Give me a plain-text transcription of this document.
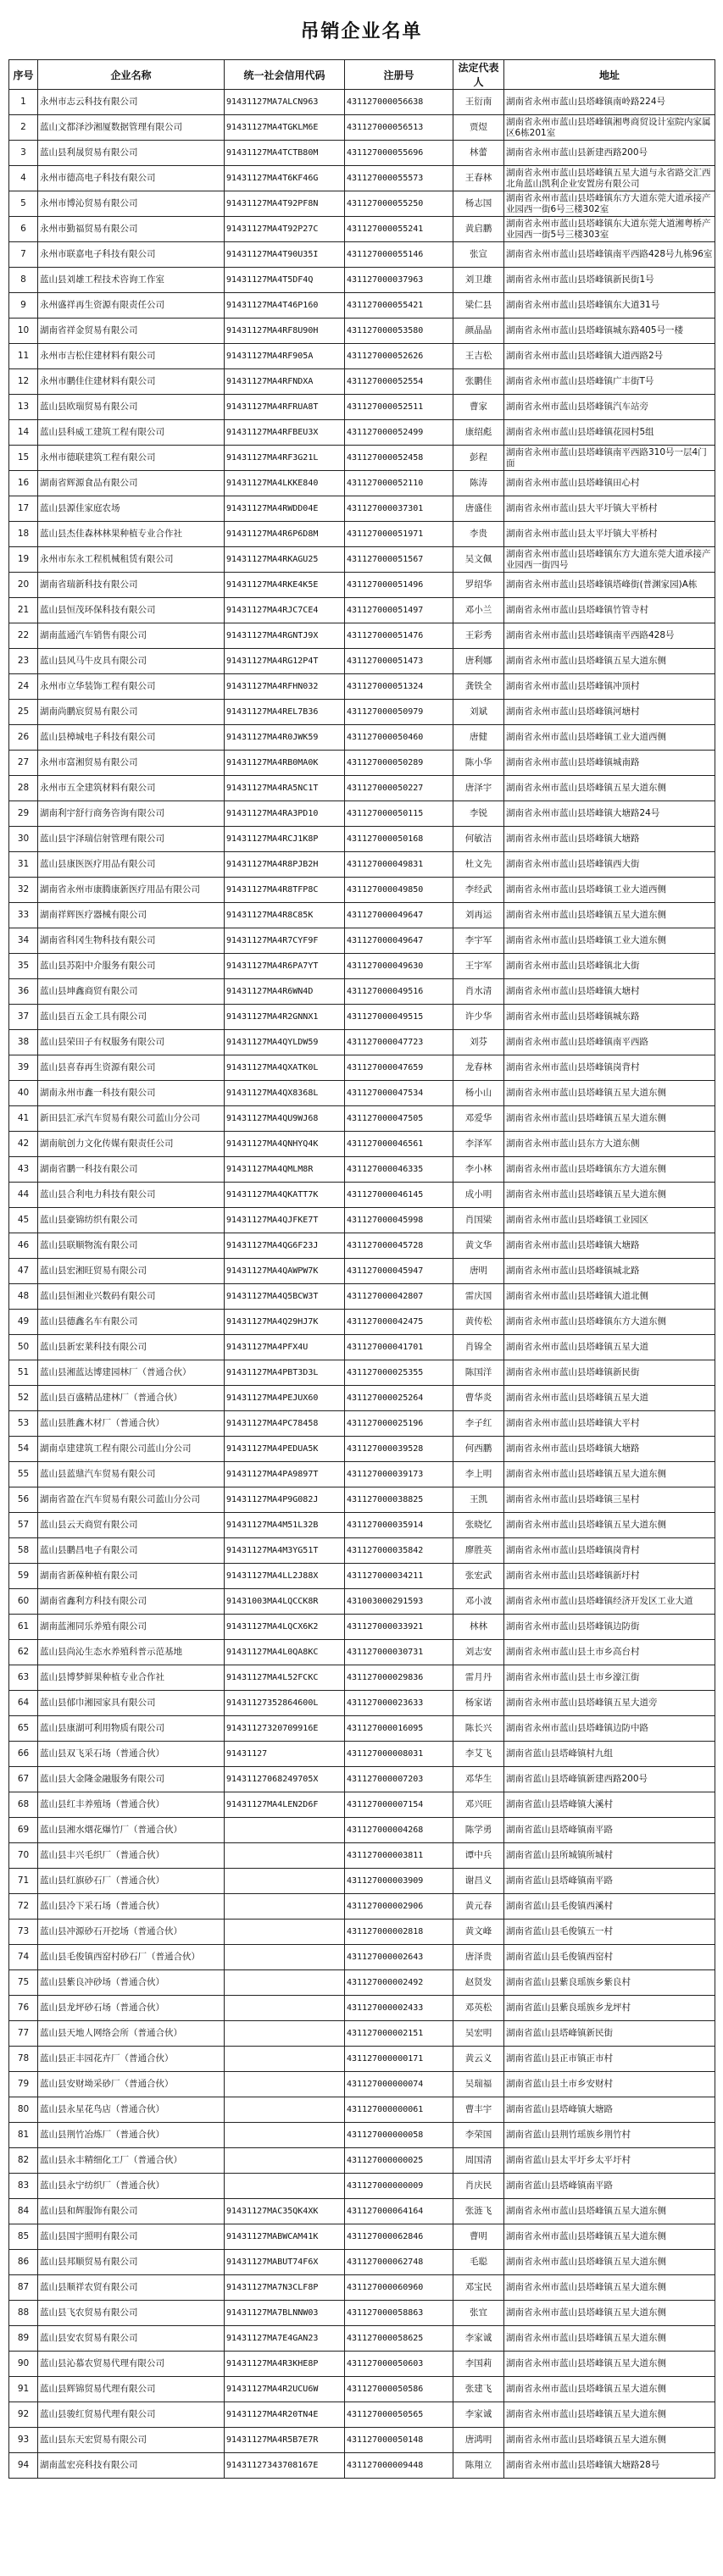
吊销企业名单
序号	企业名称	统一社会信用代码	注册号	法定代表人	地址
1	永州市志云科技有限公司	91431127MA7ALCN963	431127000056638	王衍南	湖南省永州市蓝山县塔峰镇南岭路224号
2	蓝山文都泽沙湘厦数据管理有限公司	91431127MA4TGKLM6E	431127000056513	贾煜	湖南省永州市蓝山县塔峰镇湘粤商贸设计室院内家属区6栋201室
3	蓝山县利晟贸易有限公司	91431127MA4TCTB80M	431127000055696	林蕾	湖南省永州市蓝山县新建西路200号
4	永州市德高电子科技有限公司	91431127MA4T6KF46G	431127000055573	王春林	湖南省永州市蓝山县塔峰镇五星大道与永省路交汇西北角蓝山凯利企业安置房有限公司
5	永州市博沁贸易有限公司	91431127MA4T92PF8N	431127000055250	杨志国	湖南省永州市蓝山县塔峰镇东方大道东莞大道承接产业园西一街6号三楼302室
6	永州市勤福贸易有限公司	91431127MA4T92P27C	431127000055241	黄启鹏	湖南省永州市蓝山县塔峰镇东大道东莞大道湘粤桥产业园西一街5号三楼303室
7	永州市联嘉电子科技有限公司	91431127MA4T90U35I	431127000055146	张宣	湖南省永州市蓝山县塔峰镇南平西路428号九栋96室
8	蓝山县刘雄工程技术咨询工作室	91431127MA4T5DF4Q	431127000037963	刘卫雄	湖南省永州市蓝山县塔峰镇新民街1号
9	永州盛祥再生资源有限责任公司	91431127MA4T46P160	431127000055421	梁仁县	湖南省永州市蓝山县塔峰镇东大道31号
10	湖南省祥金贸易有限公司	91431127MA4RF8U90H	431127000053580	颜晶晶	湖南省永州市蓝山县塔峰镇城东路405号一楼
11	永州市吉松住建材料有限公司	91431127MA4RF905A	431127000052626	王吉松	湖南省永州市蓝山县塔峰镇大道西路2号
12	永州市鹏佳住建材料有限公司	91431127MA4RFNDXA	431127000052554	张鹏佳	湖南省永州市蓝山县塔峰镇广丰街T号
13	蓝山县欧瑞贸易有限公司	91431127MA4RFRUA8T	431127000052511	曹家	湖南省永州市蓝山县塔峰镇汽车站旁
14	蓝山县科威工建筑工程有限公司	91431127MA4RFBEU3X	431127000052499	康绍彪	湖南省永州市蓝山县塔峰镇花园村5组
15	永州市德联建筑工程有限公司	91431127MA4RF3G21L	431127000052458	彭程	湖南省永州市蓝山县塔峰镇南平西路310号一层4门面
16	湖南省辉源食品有限公司	91431127MA4LKKE840	431127000052110	陈涛	湖南省永州市蓝山县塔峰镇田心村
17	蓝山县源佳家庭农场	91431127MA4RWDD04E	431127000037301	唐盛佳	湖南省永州市蓝山县大平圩镇大平桥村
18	蓝山县杰佳森林林果种植专业合作社	91431127MA4R6P6D8M	431127000051971	李贵	湖南省永州市蓝山县太平圩镇大平桥村
19	永州市东永工程机械租赁有限公司	91431127MA4RKAGU25	431127000051567	吴文佩	湖南省永州市蓝山县塔峰镇东方大道东莞大道承接产业园西一街四号
20	湖南省瑞新科技有限公司	91431127MA4RKE4K5E	431127000051496	罗绍华	湖南省永州市蓝山县塔峰镇塔峰街(普渊家园)A栋
21	蓝山县恒茂环保科技有限公司	91431127MA4RJC7CE4	431127000051497	邓小兰	湖南省永州市蓝山县塔峰镇竹管寺村
22	湖南蓝通汽车销售有限公司	91431127MA4RGNTJ9X	431127000051476	王彩秀	湖南省永州市蓝山县塔峰镇南平西路428号
23	蓝山县风马牛皮具有限公司	91431127MA4RG12P4T	431127000051473	唐利娜	湖南省永州市蓝山县塔峰镇五星大道东侧
24	永州市立华装饰工程有限公司	91431127MA4RFHN032	431127000051324	龚铁全	湖南省永州市蓝山县塔峰镇冲顶村
25	湖南尚鹏宸贸易有限公司	91431127MA4REL7B36	431127000050979	刘斌	湖南省永州市蓝山县塔峰镇河塘村
26	蓝山县樟城电子科技有限公司	91431127MA4R0JWK59	431127000050460	唐健	湖南省永州市蓝山县塔峰镇工业大道西侧
27	永州市富湘贸易有限公司	91431127MA4RB0MA0K	431127000050289	陈小华	湖南省永州市蓝山县塔峰镇城南路
28	永州市五全建筑材料有限公司	91431127MA4RA5NC1T	431127000050227	唐泽宇	湖南省永州市蓝山县塔峰镇五星大道东侧
29	湖南利宇舒行商务咨询有限公司	91431127MA4RA3PD10	431127000050115	李锐	湖南省永州市蓝山县塔峰镇大塘路24号
30	蓝山县宇泽瑞信射管理有限公司	91431127MA4RCJ1K8P	431127000050168	何敏洁	湖南省永州市蓝山县塔峰镇大塘路
31	蓝山县康医医疗用品有限公司	91431127MA4R8PJB2H	431127000049831	杜文先	湖南省永州市蓝山县塔峰镇西大街
32	湖南省永州市康腾康新医疗用品有限公司	91431127MA4R8TFP8C	431127000049850	李经武	湖南省永州市蓝山县塔峰镇工业大道西侧
33	湖南祥辉医疗器械有限公司	91431127MA4R8C85K	431127000049647	刘再运	湖南省永州市蓝山县塔峰镇五星大道东侧
34	湖南省科冈生物科技有限公司	91431127MA4R7CYF9F	431127000049647	李宇军	湖南省永州市蓝山县塔峰镇工业大道东侧
35	蓝山县苏阳中介服务有限公司	91431127MA4R6PA7YT	431127000049630	王宇军	湖南省永州市蓝山县塔峰镇北大街
36	蓝山县坤鑫商贸有限公司	91431127MA4R6WN4D	431127000049516	肖水清	湖南省永州市蓝山县塔峰镇大塘村
37	蓝山县百五金工具有限公司	91431127MA4R2GNNX1	431127000049515	许少华	湖南省永州市蓝山县塔峰镇城东路
38	蓝山县荣田子有权服务有限公司	91431127MA4QYLDW59	431127000047723	刘芬	湖南省永州市蓝山县塔峰镇南平西路
39	蓝山县喜春再生资源有限公司	91431127MA4QXATK0L	431127000047659	龙春林	湖南省永州市蓝山县塔峰镇岗背村
40	湖南永州市鑫一科技有限公司	91431127MA4QX8368L	431127000047534	杨小山	湖南省永州市蓝山县塔峰镇五星大道东侧
41	新田县汇承汽车贸易有限公司蓝山分公司	91431127MA4QU9WJ68	431127000047505	邓爱华	湖南省永州市蓝山县塔峰镇五星大道东侧
42	湖南航创力文化传媒有限责任公司	91431127MA4QNHYQ4K	431127000046561	李泽军	湖南省永州市蓝山县东方大道东侧
43	湖南省鹏一科技有限公司	91431127MA4QMLM8R	431127000046335	李小林	湖南省永州市蓝山县塔峰镇东方大道东侧
44	蓝山县合利电力科技有限公司	91431127MA4QKATT7K	431127000046145	成小明	湖南省永州市蓝山县塔峰镇五星大道东侧
45	蓝山县豪锦纺织有限公司	91431127MA4QJFKE7T	431127000045998	肖国梁	湖南省永州市蓝山县塔峰镇工业园区
46	蓝山县联顺物流有限公司	91431127MA4QG6F23J	431127000045728	黄文华	湖南省永州市蓝山县塔峰镇大塘路
47	蓝山县宏湘旺贸易有限公司	91431127MA4QAWPW7K	431127000045947	唐明	湖南省永州市蓝山县塔峰镇城北路
48	蓝山县恒湘业兴数码有限公司	91431127MA4Q5BCW3T	431127000042807	雷庆国	湖南省永州市蓝山县塔峰镇大道北侧
49	蓝山县德鑫名车有限公司	91431127MA4Q29HJ7K	431127000042475	黄传松	湖南省永州市蓝山县塔峰镇东方大道东侧
50	蓝山县新宏莱科技有限公司	91431127MA4PFX4U	431127000041701	肖锦全	湖南省永州市蓝山县塔峰镇五星大道
51	蓝山县湘蓝达博建园林厂（普通合伙）	91431127MA4PBT3D3L	431127000025355	陈国洋	湖南省永州市蓝山县塔峰镇新民街
52	蓝山县百盛精品建林厂（普通合伙）	91431127MA4PEJUX60	431127000025264	曹华炎	湖南省永州市蓝山县塔峰镇五星大道
53	蓝山县胜鑫木材厂（普通合伙）	91431127MA4PC78458	431127000025196	李子红	湖南省永州市蓝山县塔峰镇大平村
54	湖南卓建建筑工程有限公司蓝山分公司	91431127MA4PEDUA5K	431127000039528	何西鹏	湖南省永州市蓝山县塔峰镇大塘路
55	蓝山县蓝鼎汽车贸易有限公司	91431127MA4PA9897T	431127000039173	李上明	湖南省永州市蓝山县塔峰镇五星大道东侧
56	湖南省盈在汽车贸易有限公司蓝山分公司	91431127MA4P9G082J	431127000038825	王凯	湖南省永州市蓝山县塔峰镇三星村
57	蓝山县云天商贸有限公司	91431127MA4M51L32B	431127000035914	张晓忆	湖南省永州市蓝山县塔峰镇五星大道东侧
58	蓝山县鹏昌电子有限公司	91431127MA4M3YG51T	431127000035842	廖胜英	湖南省永州市蓝山县塔峰镇岗背村
59	湖南省新葆种植有限公司	91431127MA4LL2J88X	431127000034211	张宏武	湖南省永州市蓝山县塔峰镇新圩村
60	湖南省鑫利方科技有限公司	91431003MA4LQCCK8R	431003000291593	邓小波	湖南省永州市蓝山县塔峰镇经济开发区工业大道
61	湖南蓝湘同乐养殖有限公司	91431127MA4LQCX6K2	431127000033921	林林	湖南省永州市蓝山县塔峰镇边防街
62	蓝山县尚沁生态水养殖科普示范基地	91431127MA4L0QA8KC	431127000030731	刘志安	湖南省永州市蓝山县土市乡高台村
63	蓝山县博梦鲜果种植专业合作社	91431127MA4L52FCKC	431127000029836	雷月丹	湖南省永州市蓝山县土市乡濠江街
64	蓝山县郁巾湘园家具有限公司	91431127352864600L	431127000023633	杨家诺	湖南省永州市蓝山县塔峰镇五星大道旁
65	蓝山县康湖可利用物质有限公司	91431127320709916E	431127000016095	陈长兴	湖南省永州市蓝山县塔峰镇边防中路
66	蓝山县双飞采石场（普通合伙）	91431127	431127000008031	李艾飞	湖南省蓝山县塔峰镇村九组
67	蓝山县大金隆金融服务有限公司	91431127068249705X	431127000007203	邓华生	湖南省蓝山县塔峰镇新建西路200号
68	蓝山县红丰养殖场（普通合伙）	91431127MA4LEN2D6F	431127000007154	邓兴旺	湖南省蓝山县塔峰镇大溪村
69	蓝山县湘水烟花爆竹厂（普通合伙）		431127000004268	陈学勇	湖南省蓝山县塔峰镇南平路
70	蓝山县丰兴毛织厂（普通合伙）		431127000003811	谭中兵	湖南省蓝山县所城镇所城村
71	蓝山县红旗砂石厂（普通合伙）		431127000003909	谢昌义	湖南省蓝山县塔峰镇南平路
72	蓝山县冷下采石场（普通合伙）		431127000002906	黄元春	湖南省蓝山县毛俊镇西溪村
73	蓝山县冲源砂石开挖场（普通合伙）		431127000002818	黄文峰	湖南省蓝山县毛俊镇五一村
74	蓝山县毛俊镇西窑村砂石厂（普通合伙）		431127000002643	唐泽贵	湖南省蓝山县毛俊镇西窑村
75	蓝山县紫良冲砂场（普通合伙）		431127000002492	赵贤发	湖南省蓝山县紫良瑶族乡紫良村
76	蓝山县龙坪砂石场（普通合伙）		431127000002433	邓英松	湖南省蓝山县紫良瑶族乡龙坪村
77	蓝山县天地人网络会所（普通合伙）		431127000002151	吴宏明	湖南省蓝山县塔峰镇新民街
78	蓝山县正丰园花卉厂（普通合伙）		431127000000171	黄云义	湖南省蓝山县正市镇正市村
79	蓝山县安财坳采砂厂（普通合伙）		431127000000074	吴瑞福	湖南省蓝山县土市乡安财村
80	蓝山县永星花鸟店（普通合伙）		431127000000061	曹丰宇	湖南省蓝山县塔峰镇大塘路
81	蓝山县荆竹冶炼厂（普通合伙）		431127000000058	李荣国	湖南省蓝山县荆竹瑶族乡荆竹村
82	蓝山县永丰精细化工厂（普通合伙）		431127000000025	周国清	湖南省蓝山县太平圩乡太平圩村
83	蓝山县永宁纺织厂（普通合伙）		431127000000009	肖庆民	湖南省蓝山县塔峰镇南平路
84	蓝山县和辉服饰有限公司	91431127MAC35QK4XK	431127000064164	张涟飞	湖南省永州市蓝山县塔峰镇五星大道东侧
85	蓝山县国宇照明有限公司	91431127MABWCAM41K	431127000062846	曹明	湖南省永州市蓝山县塔峰镇五星大道东侧
86	蓝山县邦顺贸易有限公司	91431127MABUT74F6X	431127000062748	毛聪	湖南省永州市蓝山县塔峰镇五星大道东侧
87	蓝山县顺祥农贸有限公司	91431127MA7N3CLF8P	431127000060960	邓宝民	湖南省永州市蓝山县塔峰镇五星大道东侧
88	蓝山县飞农贸易有限公司	91431127MA7BLNNW03	431127000058863	张宜	湖南省永州市蓝山县塔峰镇五星大道东侧
89	蓝山县安农贸易有限公司	91431127MA7E4GAN23	431127000058625	李家诚	湖南省永州市蓝山县塔峰镇五星大道东侧
90	蓝山县沁慕农贸易代理有限公司	91431127MA4R3KHE8P	431127000050603	李国莉	湖南省永州市蓝山县塔峰镇五星大道东侧
91	蓝山县辉锦贸易代理有限公司	91431127MA4R2UCU6W	431127000050586	张建飞	湖南省永州市蓝山县塔峰镇五星大道东侧
92	蓝山县骏红贸易代理有限公司	91431127MA4R20TN4E	431127000050565	李家诚	湖南省永州市蓝山县塔峰镇五星大道东侧
93	蓝山县东天宏贸易有限公司	91431127MA4R5B7E7R	431127000050148	唐鸿明	湖南省永州市蓝山县塔峰镇五星大道东侧
94	湖南蓝宏亮科技有限公司	91431127343708167E	431127000009448	陈翔立	湖南省永州市蓝山县塔峰镇大塘路28号
